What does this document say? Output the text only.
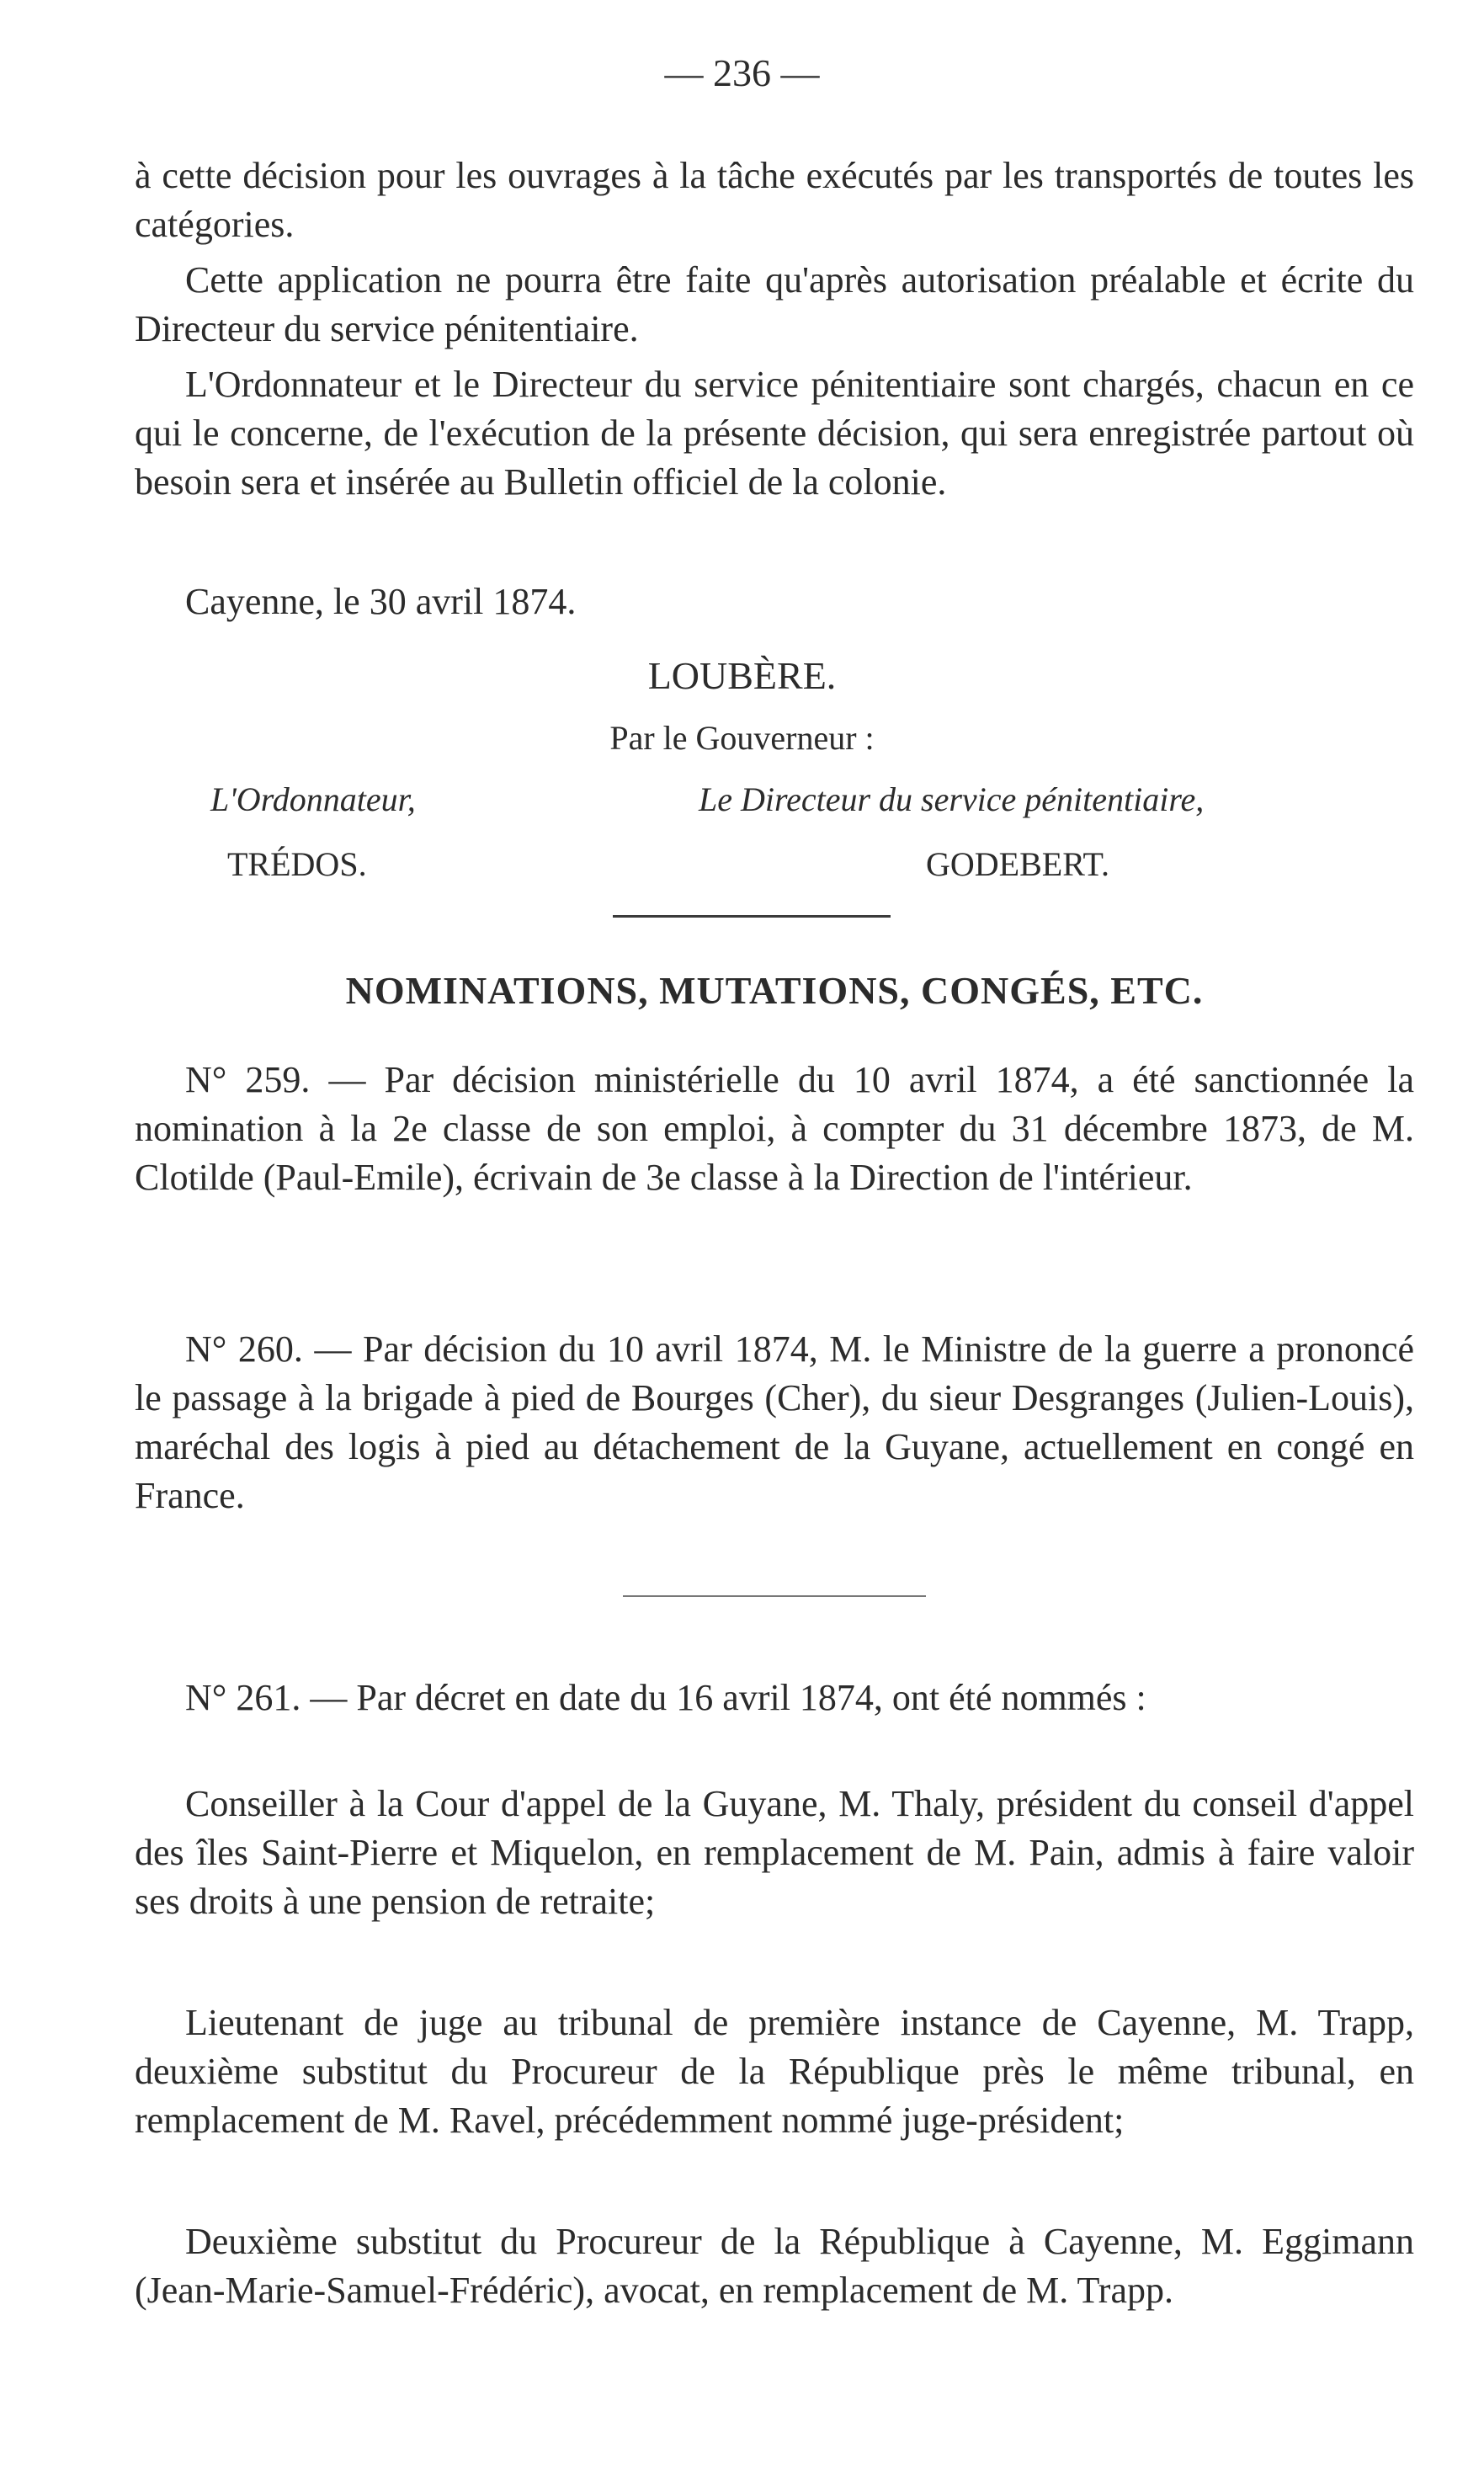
— 236 —

à cette décision pour les ouvrages à la tâche exécutés par les transportés de toutes les catégories.

Cette application ne pourra être faite qu'après autorisation préalable et écrite du Directeur du service pénitentiaire.

L'Ordonnateur et le Directeur du service pénitentiaire sont chargés, chacun en ce qui le concerne, de l'exécution de la présente décision, qui sera enregistrée partout où besoin sera et insérée au Bulletin officiel de la colonie.

Cayenne, le 30 avril 1874.

LOUBÈRE.
Par le Gouverneur :
L'Ordonnateur,	Le Directeur du service pénitentiaire,
TRÉDOS.	GODEBERT.
NOMINATIONS, MUTATIONS, CONGÉS, ETC.

N° 259. — Par décision ministérielle du 10 avril 1874, a été sanctionnée la nomination à la 2e classe de son emploi, à compter du 31 décembre 1873, de M. Clotilde (Paul-Emile), écrivain de 3e classe à la Direction de l'intérieur.

N° 260. — Par décision du 10 avril 1874, M. le Ministre de la guerre a prononcé le passage à la brigade à pied de Bourges (Cher), du sieur Desgranges (Julien-Louis), maréchal des logis à pied au détachement de la Guyane, actuellement en congé en France.

N° 261. — Par décret en date du 16 avril 1874, ont été nommés :

Conseiller à la Cour d'appel de la Guyane, M. Thaly, président du conseil d'appel des îles Saint-Pierre et Miquelon, en remplacement de M. Pain, admis à faire valoir ses droits à une pension de retraite;

Lieutenant de juge au tribunal de première instance de Cayenne, M. Trapp, deuxième substitut du Procureur de la République près le même tribunal, en remplacement de M. Ravel, précédemment nommé juge-président;

Deuxième substitut du Procureur de la République à Cayenne, M. Eggimann (Jean-Marie-Samuel-Frédéric), avocat, en remplacement de M. Trapp.
